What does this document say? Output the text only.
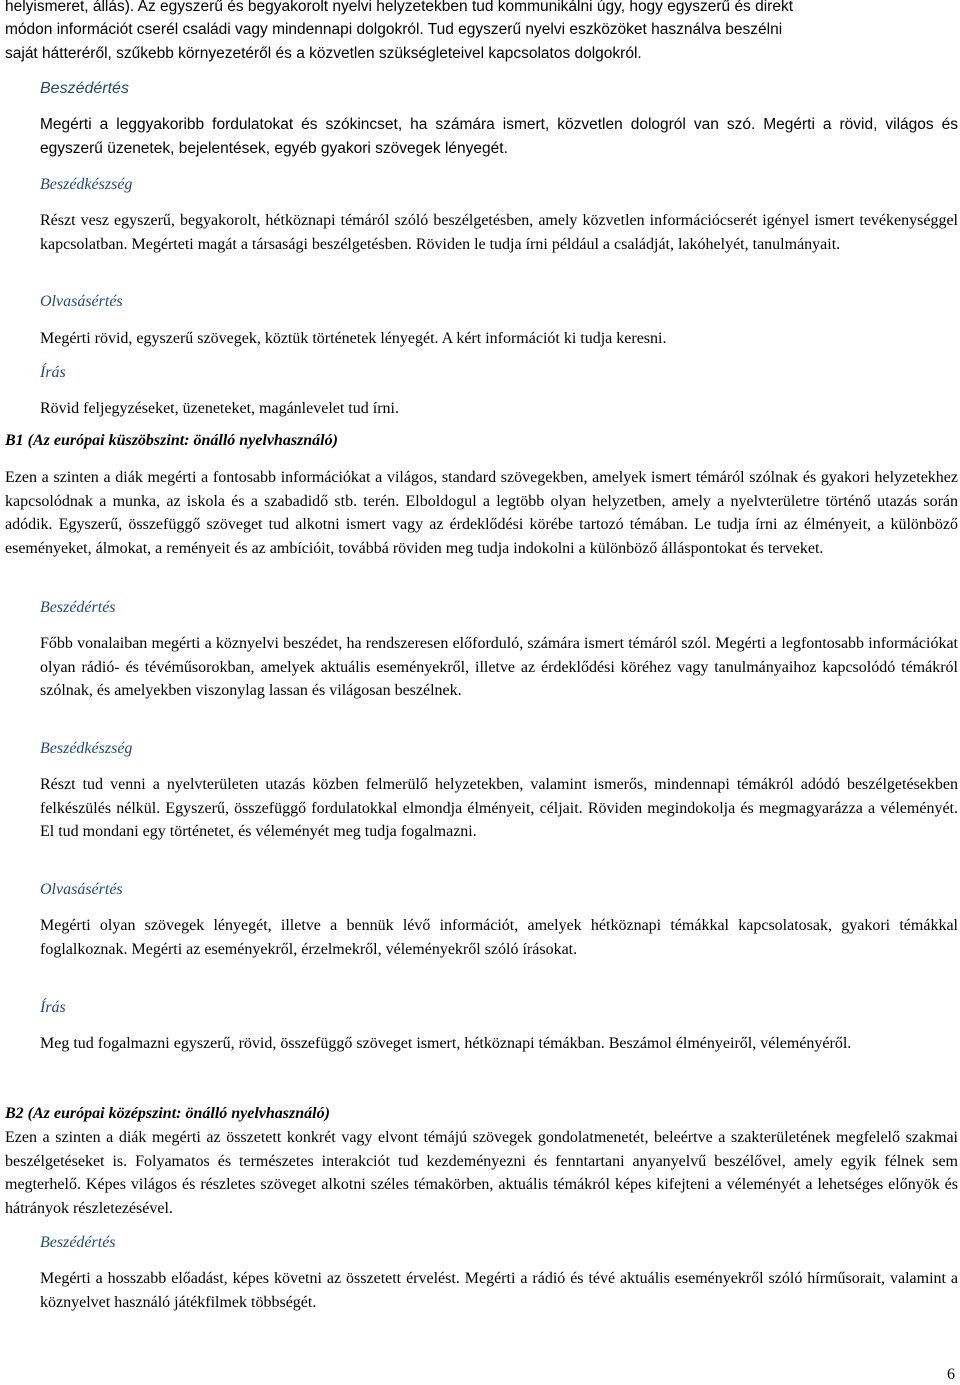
helyismeret, állás). Az egyszerű és begyakorolt nyelvi helyzetekben tud kommunikálni úgy, hogy egyszerű és direkt

módon információt cserél családi vagy mindennapi dolgokról. Tud egyszerű nyelvi eszközöket használva beszélni

saját hátteréről, szűkebb környezetéről és a közvetlen szükségleteivel kapcsolatos dolgokról.

Beszédértés

Megérti a leggyakoribb fordulatokat és szókincset, ha számára ismert, közvetlen dologról van szó. Megérti a rövid, világos és egyszerű üzenetek, bejelentések, egyéb gyakori szövegek lényegét.

Beszédkészség

Részt vesz egyszerű, begyakorolt, hétköznapi témáról szóló beszélgetésben, amely közvetlen információcserét igényel ismert tevékenységgel kapcsolatban. Megérteti magát a társasági beszélgetésben. Röviden le tudja írni például a családját, lakóhelyét, tanulmányait.

Olvasásértés

Megérti rövid, egyszerű szövegek, köztük történetek lényegét. A kért információt ki tudja keresni.

Írás

Rövid feljegyzéseket, üzeneteket, magánlevelet tud írni.

B1 (Az európai küszöbszint: önálló nyelvhasználó)

Ezen a szinten a diák megérti a fontosabb információkat a világos, standard szövegekben, amelyek ismert témáról szólnak és gyakori helyzetekhez kapcsolódnak a munka, az iskola és a szabadidő stb. terén. Elboldogul a legtöbb olyan helyzetben, amely a nyelvterületre történő utazás során adódik. Egyszerű, összefüggő szöveget tud alkotni ismert vagy az érdeklődési körébe tartozó témában. Le tudja írni az élményeit, a különböző eseményeket, álmokat, a reményeit és az ambícióit, továbbá röviden meg tudja indokolni a különböző álláspontokat és terveket.

Beszédértés

Főbb vonalaiban megérti a köznyelvi beszédet, ha rendszeresen előforduló, számára ismert témáról szól. Megérti a legfontosabb információkat olyan rádió- és tévéműsorokban, amelyek aktuális eseményekről, illetve az érdeklődési köréhez vagy tanulmányaihoz kapcsolódó témákról szólnak, és amelyekben viszonylag lassan és világosan beszélnek.

Beszédkészség

Részt tud venni a nyelvterületen utazás közben felmerülő helyzetekben, valamint ismerős, mindennapi témákról adódó beszélgetésekben felkészülés nélkül. Egyszerű, összefüggő fordulatokkal elmondja élményeit, céljait. Röviden megindokolja és megmagyarázza a véleményét. El tud mondani egy történetet, és véleményét meg tudja fogalmazni.

Olvasásértés

Megérti olyan szövegek lényegét, illetve a bennük lévő információt, amelyek hétköznapi témákkal kapcsolatosak, gyakori témákkal foglalkoznak. Megérti az eseményekről, érzelmekről, véleményekről szóló írásokat.

Írás

Meg tud fogalmazni egyszerű, rövid, összefüggő szöveget ismert, hétköznapi témákban. Beszámol élményeiről, véleményéről.

B2 (Az európai középszint: önálló nyelvhasználó)

Ezen a szinten a diák megérti az összetett konkrét vagy elvont témájú szövegek gondolatmenetét, beleértve a szakterületének megfelelő szakmai beszélgetéseket is. Folyamatos és természetes interakciót tud kezdeményezni és fenntartani anyanyelvű beszélővel, amely egyik félnek sem megterhelő. Képes világos és részletes szöveget alkotni széles témakörben, aktuális témákról képes kifejteni a véleményét a lehetséges előnyök és hátrányok részletezésével.

Beszédértés

Megérti a hosszabb előadást, képes követni az összetett érvelést. Megérti a rádió és tévé aktuális eseményekről szóló hírműsorait, valamint a köznyelvet használó játékfilmek többségét.

6
